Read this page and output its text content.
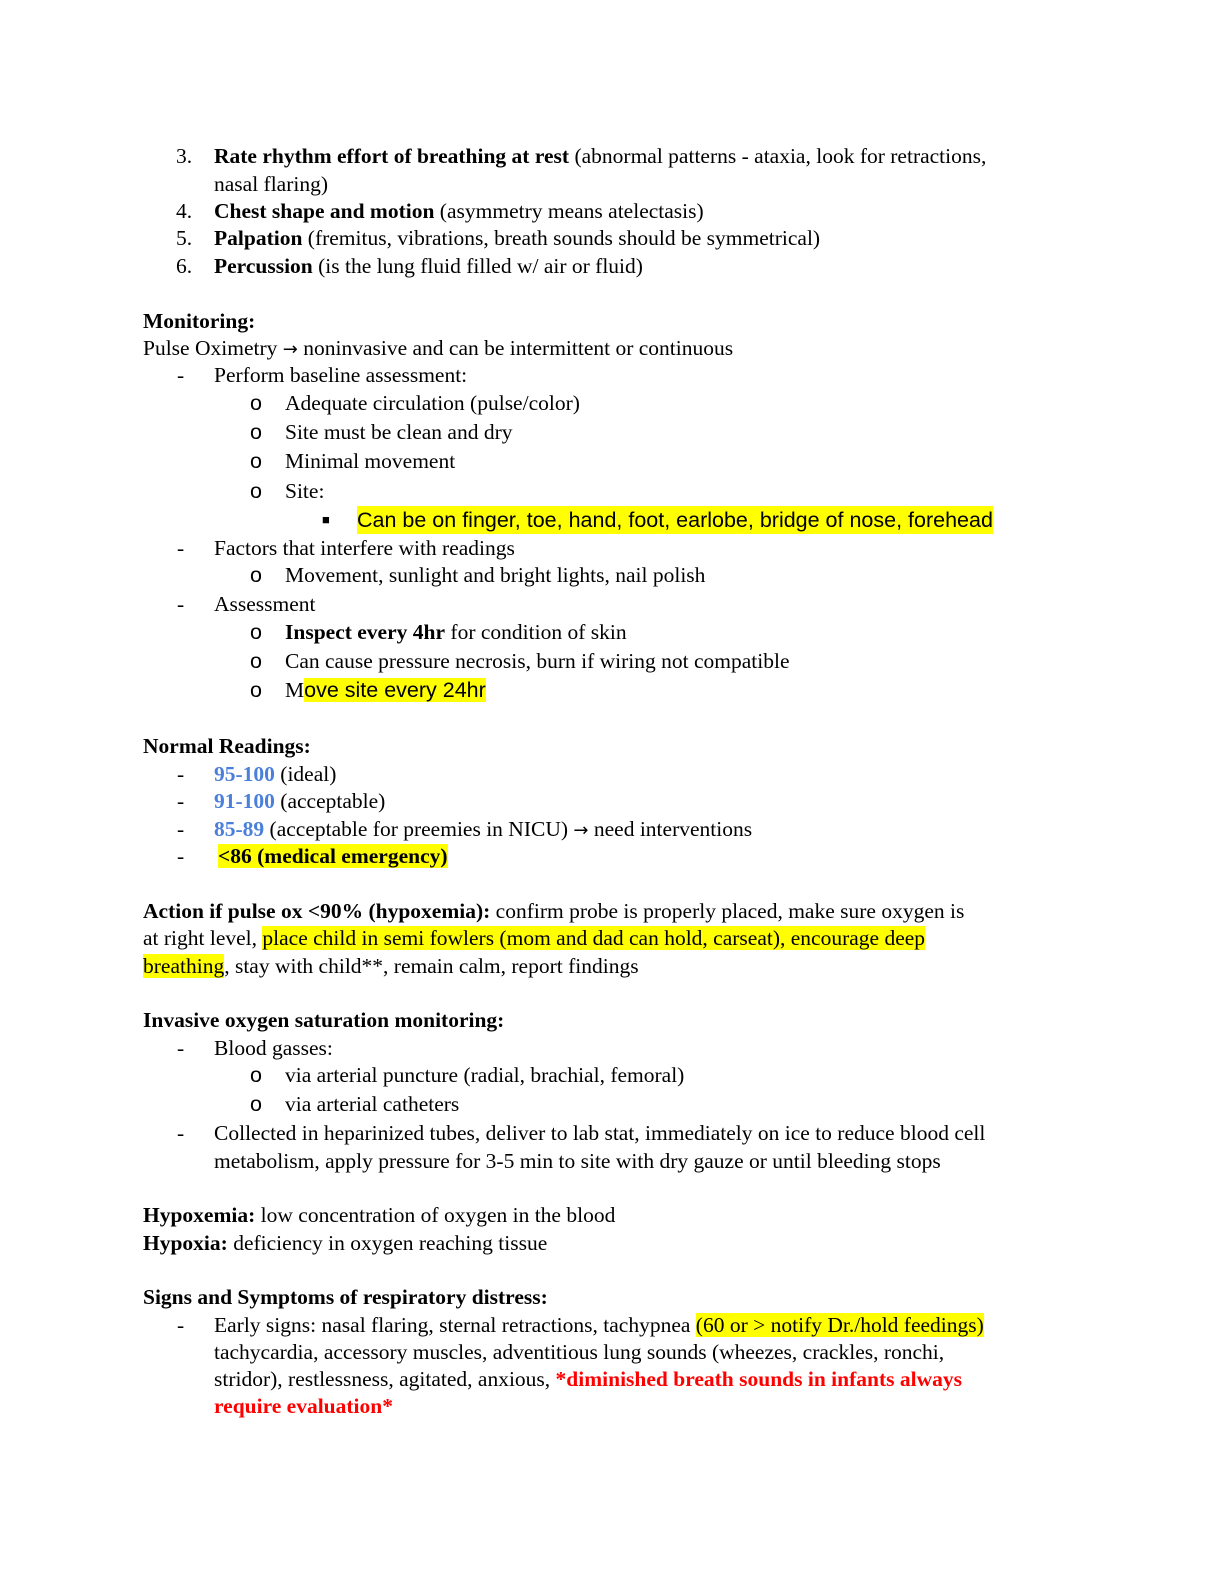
3. Rate rhythm effort of breathing at rest (abnormal patterns - ataxia, look for retractions,
nasal flaring)
4. Chest shape and motion (asymmetry means atelectasis)
5. Palpation (fremitus, vibrations, breath sounds should be symmetrical)
6. Percussion (is the lung fluid filled w/ air or fluid)
Monitoring:
Pulse Oximetry → noninvasive and can be intermittent or continuous
- Perform baseline assessment:
o Adequate circulation (pulse/color)
o Site must be clean and dry
o Minimal movement
o Site:
■ Can be on finger, toe, hand, foot, earlobe, bridge of nose, forehead
- Factors that interfere with readings
o Movement, sunlight and bright lights, nail polish
- Assessment
o Inspect every 4hr for condition of skin
o Can cause pressure necrosis, burn if wiring not compatible
o Move site every 24hr
Normal Readings:
- 95-100 (ideal)
- 91-100 (acceptable)
- 85-89 (acceptable for preemies in NICU) → need interventions
- <86 (medical emergency)
Action if pulse ox <90% (hypoxemia): confirm probe is properly placed, make sure oxygen is
at right level, place child in semi fowlers (mom and dad can hold, carseat), encourage deep
breathing, stay with child**, remain calm, report findings
Invasive oxygen saturation monitoring:
- Blood gasses:
o via arterial puncture (radial, brachial, femoral)
o via arterial catheters
- Collected in heparinized tubes, deliver to lab stat, immediately on ice to reduce blood cell
metabolism, apply pressure for 3-5 min to site with dry gauze or until bleeding stops
Hypoxemia: low concentration of oxygen in the blood
Hypoxia: deficiency in oxygen reaching tissue
Signs and Symptoms of respiratory distress:
- Early signs: nasal flaring, sternal retractions, tachypnea (60 or > notify Dr./hold feedings)
tachycardia, accessory muscles, adventitious lung sounds (wheezes, crackles, ronchi,
stridor), restlessness, agitated, anxious, *diminished breath sounds in infants always
require evaluation*
